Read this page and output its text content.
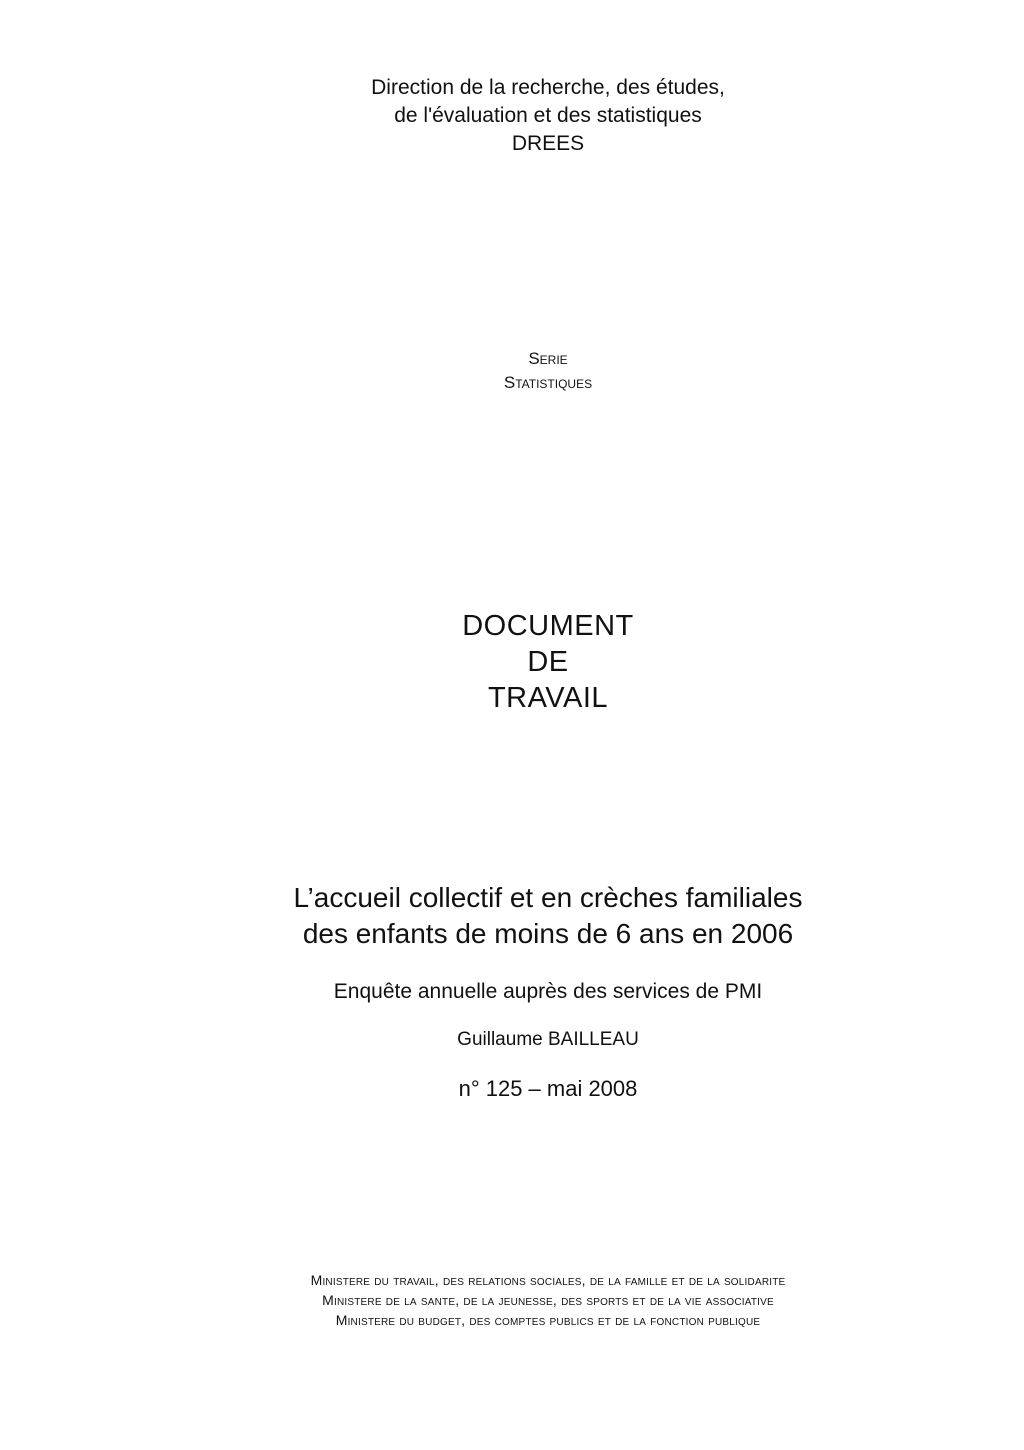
Direction de la recherche, des études,
de l'évaluation et des statistiques
DREES
Serie
Statistiques
DOCUMENT
DE
TRAVAIL
L’accueil collectif et en crèches familiales
des enfants de moins de 6 ans en 2006
Enquête annuelle auprès des services de PMI
Guillaume BAILLEAU
n° 125 – mai 2008
Ministere du travail, des relations sociales, de la famille et de la solidarite
Ministere de la sante, de la jeunesse, des sports et de la vie associative
Ministere du budget, des comptes publics et de la fonction publique
